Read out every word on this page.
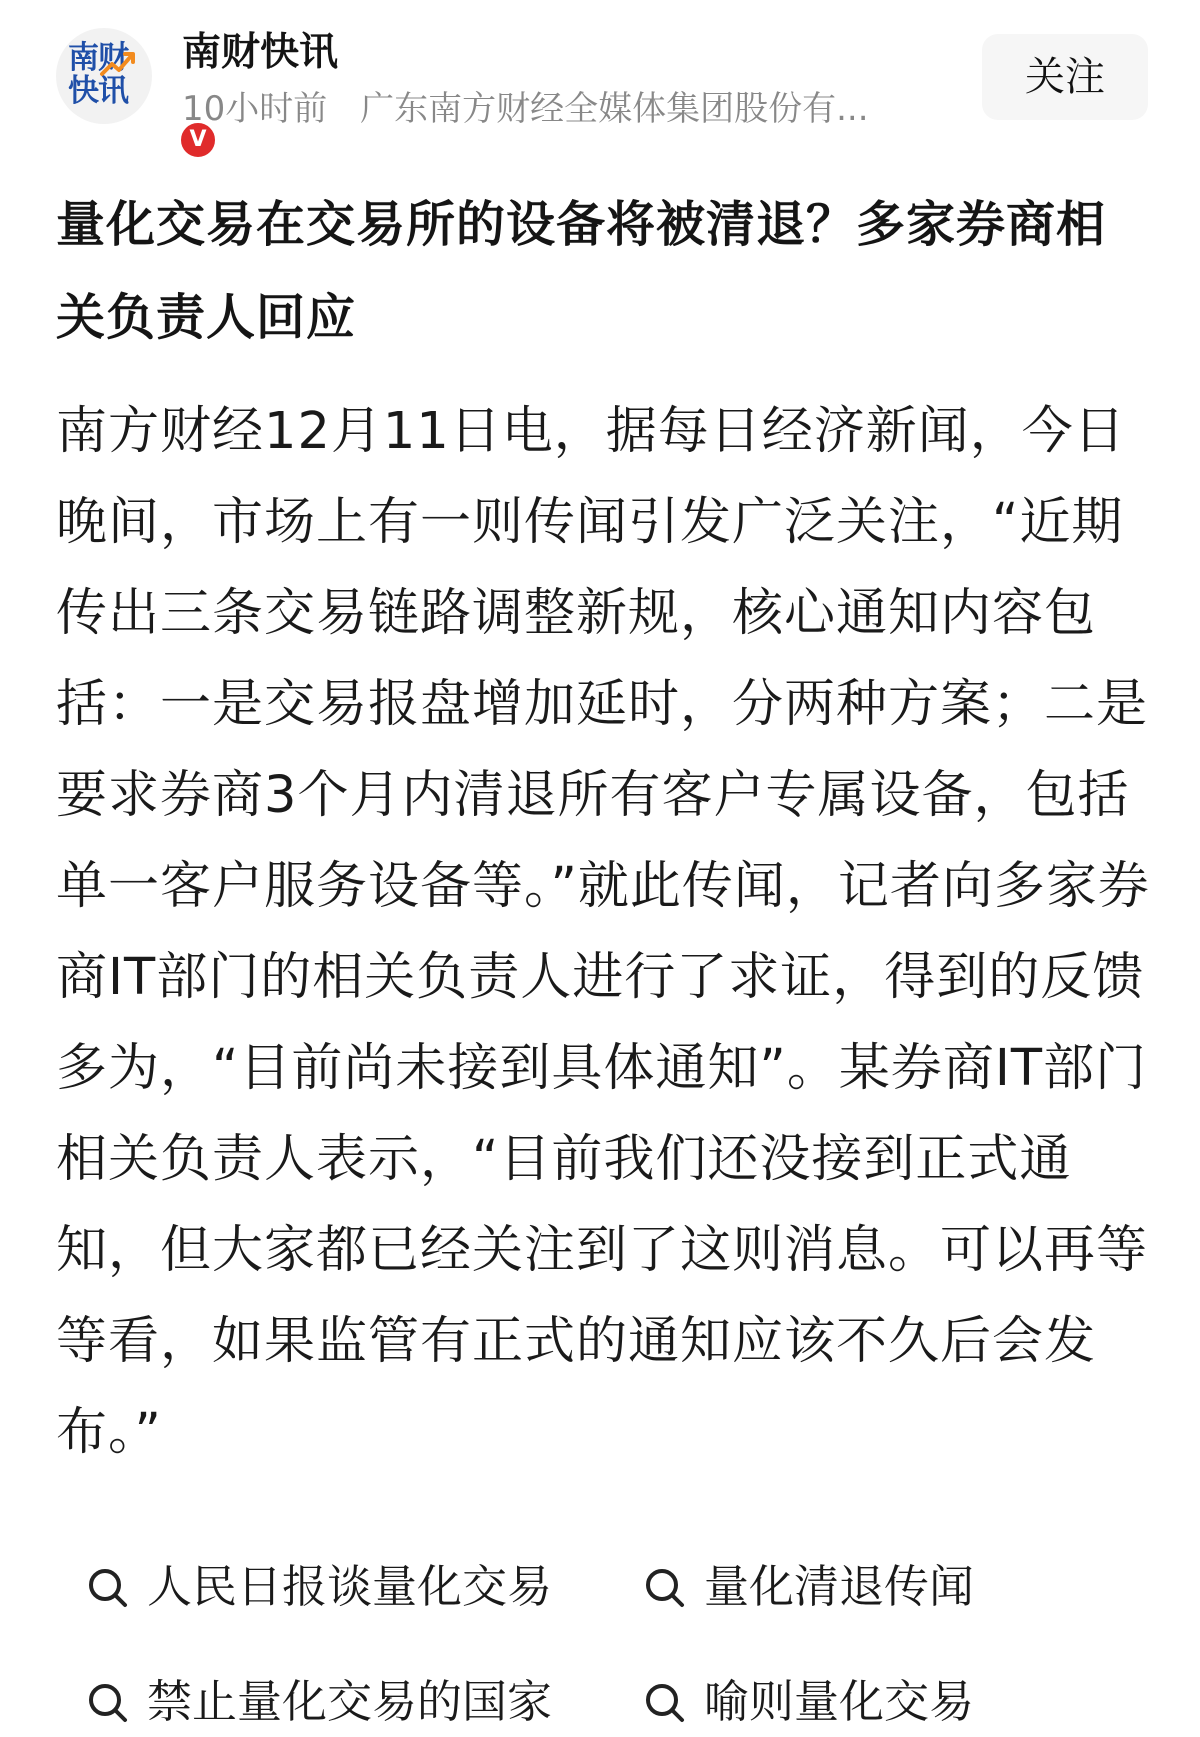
南财
快讯
V
南财快讯
10小时前 广东南方财经全媒体集团股份有...
关注
量化交易在交易所的设备将被清退？多家券商相关负责人回应
南方财经12月11日电，据每日经济新闻，今日晚间，市场上有一则传闻引发广泛关注，“近期传出三条交易链路调整新规，核心通知内容包括：一是交易报盘增加延时，分两种方案；二是要求券商3个月内清退所有客户专属设备，包括单一客户服务设备等。”就此传闻，记者向多家券商IT部门的相关负责人进行了求证，得到的反馈多为，“目前尚未接到具体通知”。某券商IT部门相关负责人表示，“目前我们还没接到正式通知，但大家都已经关注到了这则消息。可以再等等看，如果监管有正式的通知应该不久后会发布。”
人民日报谈量化交易	量化清退传闻
禁止量化交易的国家	喻则量化交易
